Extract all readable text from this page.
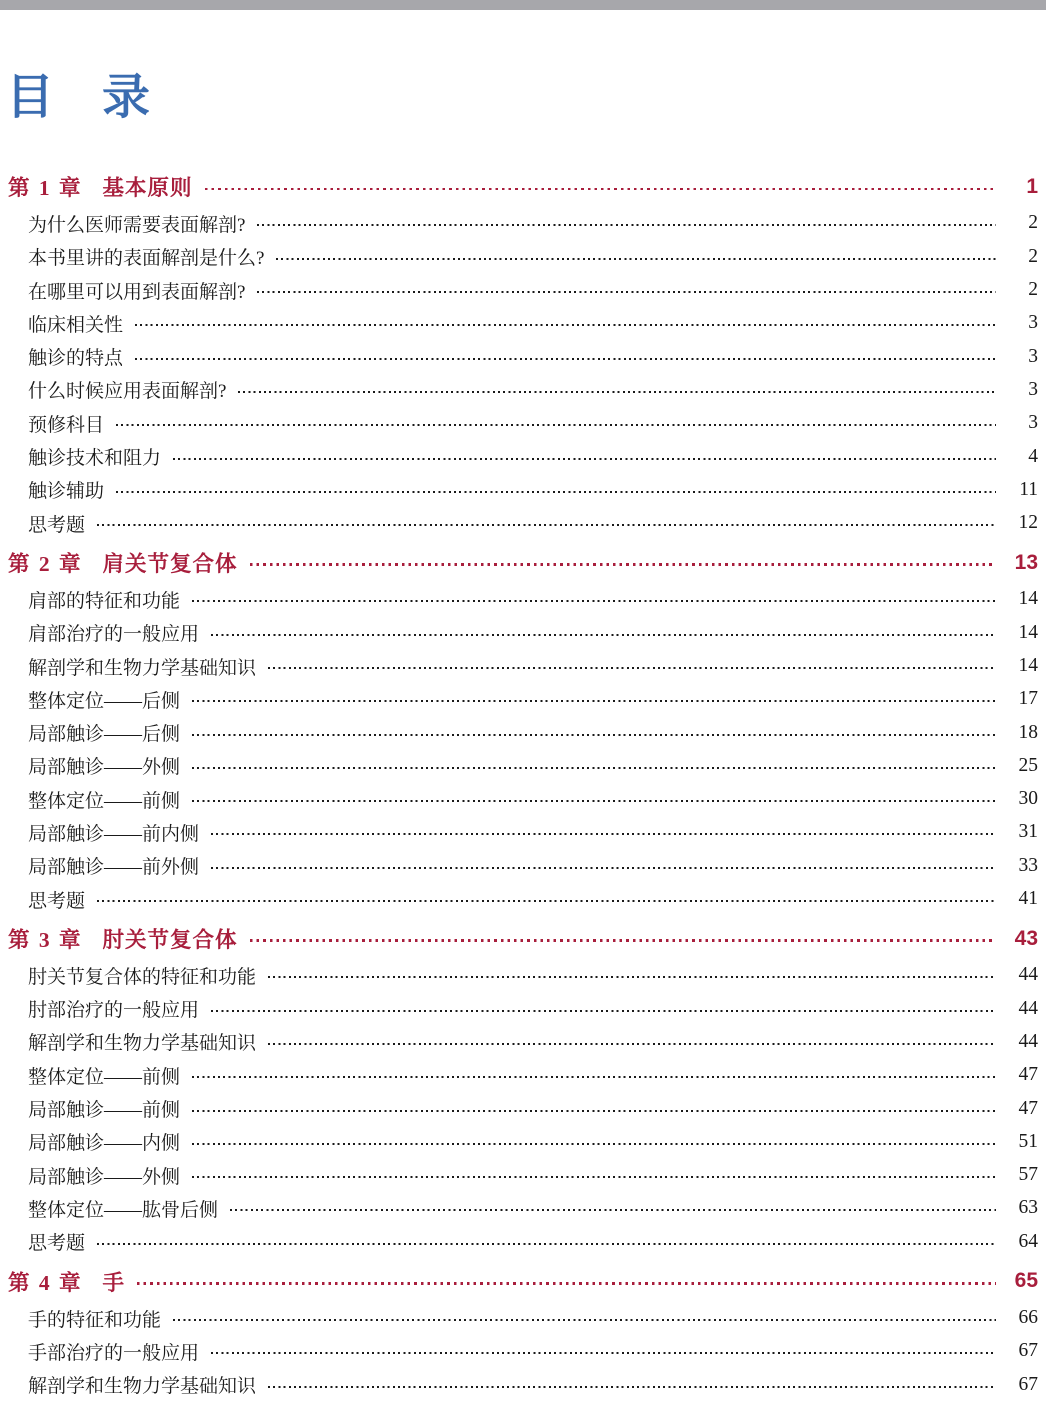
目　录
第 1 章 基本原则	1
为什么医师需要表面解剖?	2
本书里讲的表面解剖是什么?	2
在哪里可以用到表面解剖?	2
临床相关性	3
触诊的特点	3
什么时候应用表面解剖?	3
预修科目	3
触诊技术和阻力	4
触诊辅助	11
思考题	12
第 2 章 肩关节复合体	13
肩部的特征和功能	14
肩部治疗的一般应用	14
解剖学和生物力学基础知识	14
整体定位——后侧	17
局部触诊——后侧	18
局部触诊——外侧	25
整体定位——前侧	30
局部触诊——前内侧	31
局部触诊——前外侧	33
思考题	41
第 3 章 肘关节复合体	43
肘关节复合体的特征和功能	44
肘部治疗的一般应用	44
解剖学和生物力学基础知识	44
整体定位——前侧	47
局部触诊——前侧	47
局部触诊——内侧	51
局部触诊——外侧	57
整体定位——肱骨后侧	63
思考题	64
第 4 章 手	65
手的特征和功能	66
手部治疗的一般应用	67
解剖学和生物力学基础知识	67
